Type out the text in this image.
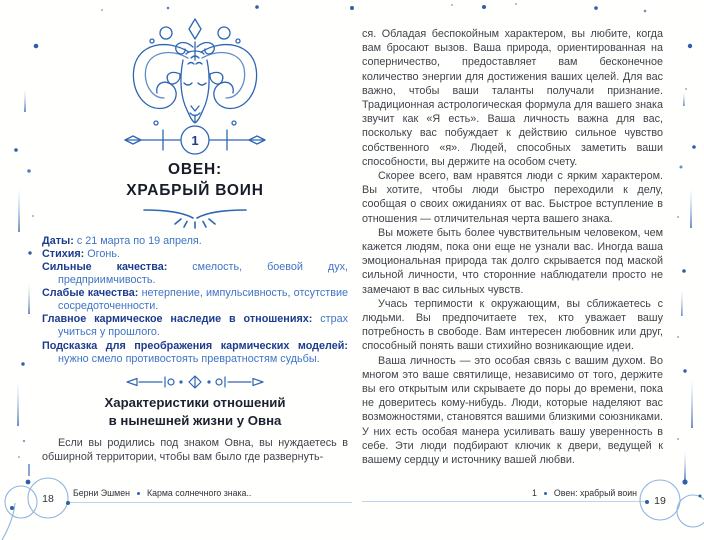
1
ОВЕН:
ХРАБРЫЙ ВОИН

Даты: с 21 марта по 19 апреля.

Стихия: Огонь.

Сильные качества: смелость, боевой дух, предприимчивость.

Слабые качества: нетерпение, импульсивность, отсутствие сосредоточенности.

Главное кармическое наследие в отношениях: страх учиться у прошлого.

Подсказка для преображения кармических моделей: нужно смело противостоять превратностям судьбы.

Характеристики отношений
в нынешней жизни у Овна

Если вы родились под знаком Овна, вы нуждаетесь в обширной территории, чтобы вам было где развернуть-

ся. Обладая беспокойным характером, вы любите, когда вам бросают вызов. Ваша природа, ориентированная на соперничество, предоставляет вам бесконечное количество энергии для достижения ваших целей. Для вас важно, чтобы ваши таланты получали признание. Традиционная астрологическая формула для вашего знака звучит как «Я есть». Ваша личность важна для вас, поскольку вас побуждает к действию сильное чувство собственного «я». Людей, способных заметить ваши способности, вы держите на особом счету.

Скорее всего, вам нравятся люди с ярким характером. Вы хотите, чтобы люди быстро переходили к делу, сообщая о своих ожиданиях от вас. Быстрое вступление в отношения — отличительная черта вашего знака.

Вы можете быть более чувствительным человеком, чем кажется людям, пока они еще не узнали вас. Иногда ваша эмоциональная природа так долго скрывается под маской сильной личности, что сторонние наблюдатели просто не замечают в вас сильных чувств.

Учась терпимости к окружающим, вы сближаетесь с людьми. Вы предпочитаете тех, кто уважает вашу потребность в свободе. Вам интересен любовник или друг, способный понять ваши стихийно возникающие идеи.

Ваша личность — это особая связь с вашим духом. Во многом это ваше святилище, независимо от того, держите вы его открытым или скрываете до поры до времени, пока не доверитесь кому-нибудь. Люди, которые наделяют вас возможностями, становятся вашими близкими союзниками. У них есть особая манера усиливать вашу уверенность в себе. Эти люди подбирают ключик к двери, ведущей к вашему сердцу и источнику вашей любви.

18 Берни Эшмен Карма солнечного знака..	1 Овен: храбрый воин
19
